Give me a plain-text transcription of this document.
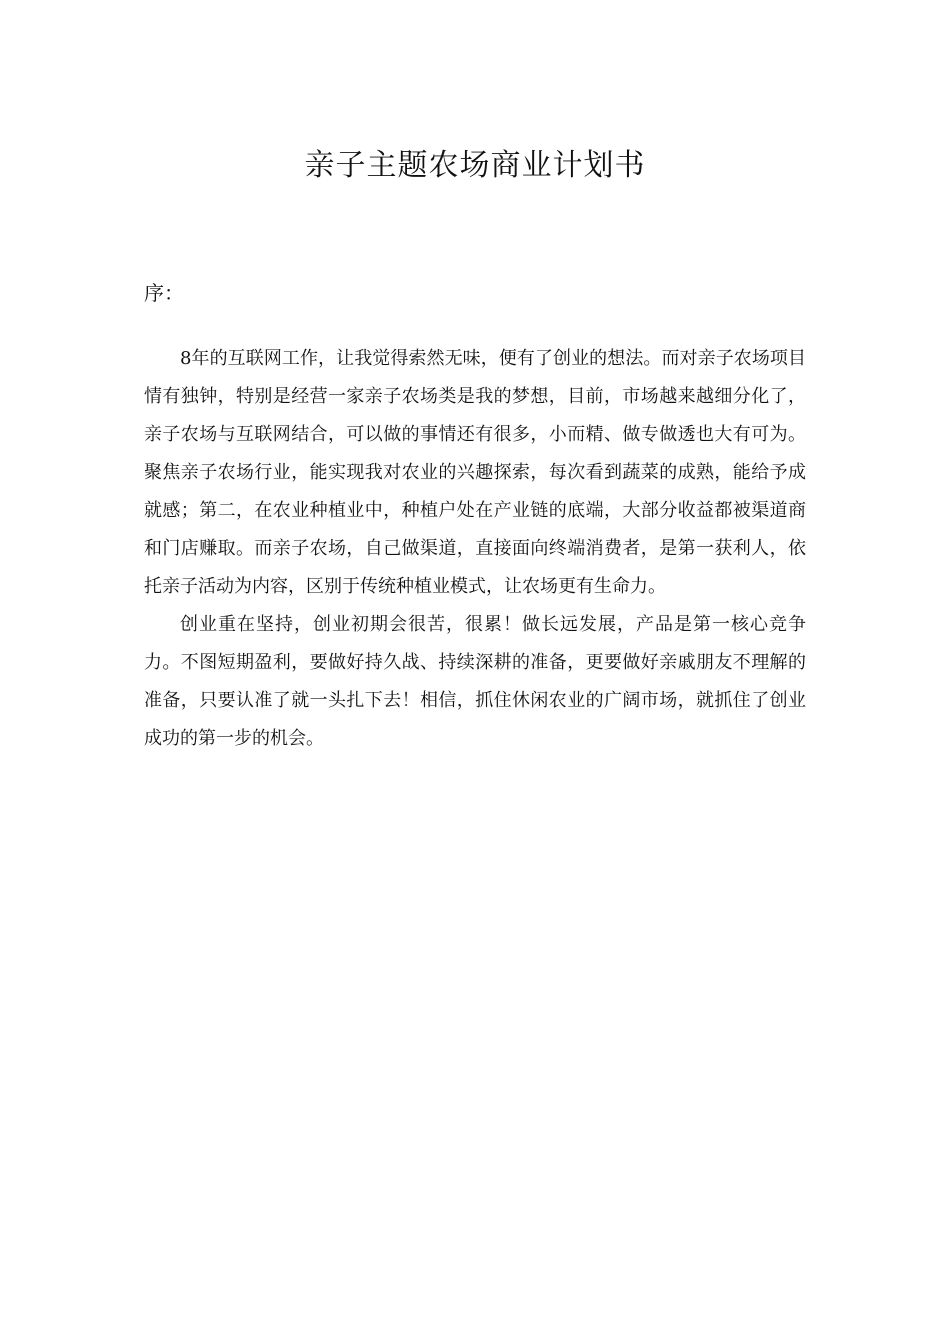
亲子主题农场商业计划书

序：

8年的互联网工作，让我觉得索然无味，便有了创业的想法。而对亲子农场项目情有独钟，特别是经营一家亲子农场类是我的梦想，目前，市场越来越细分化了，亲子农场与互联网结合，可以做的事情还有很多，小而精、做专做透也大有可为。聚焦亲子农场行业，能实现我对农业的兴趣探索，每次看到蔬菜的成熟，能给予成就感；第二，在农业种植业中，种植户处在产业链的底端，大部分收益都被渠道商和门店赚取。而亲子农场，自己做渠道，直接面向终端消费者，是第一获利人，依托亲子活动为内容，区别于传统种植业模式，让农场更有生命力。

创业重在坚持，创业初期会很苦，很累！做长远发展，产品是第一核心竞争力。不图短期盈利，要做好持久战、持续深耕的准备，更要做好亲戚朋友不理解的准备，只要认准了就一头扎下去！相信，抓住休闲农业的广阔市场，就抓住了创业成功的第一步的机会。
